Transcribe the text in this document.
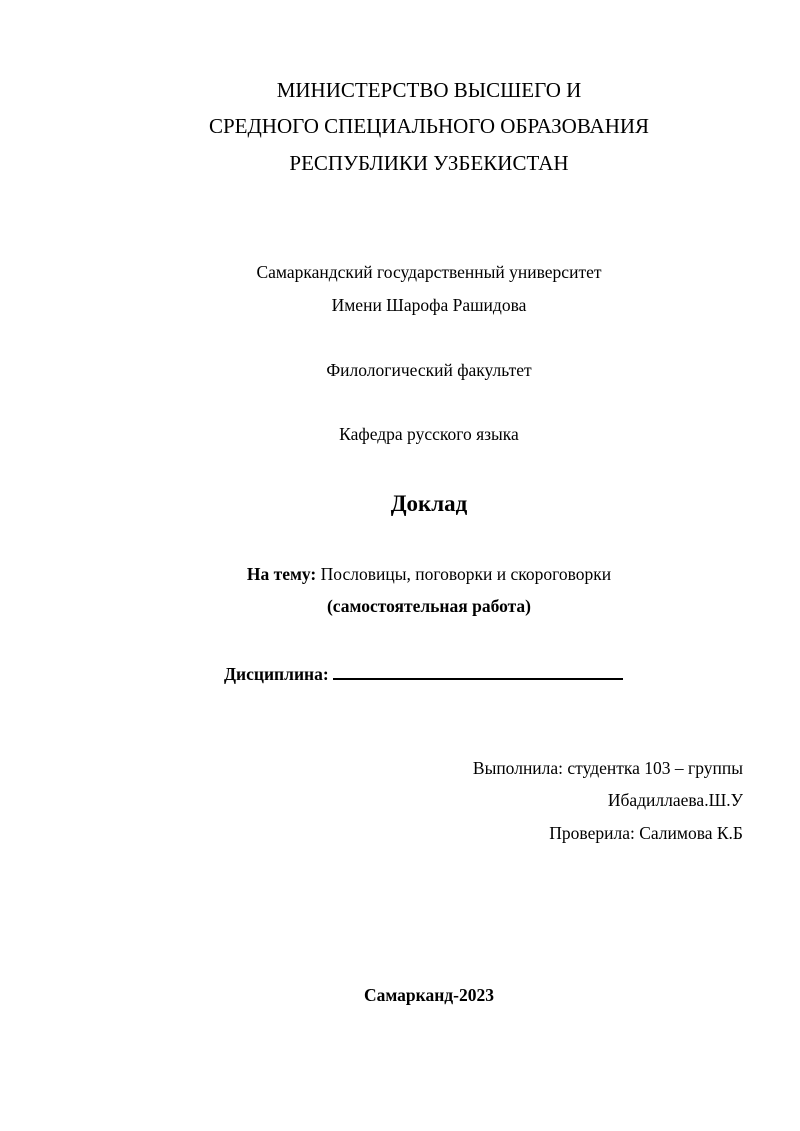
МИНИСТЕРСТВО ВЫСШЕГО И
СРЕДНОГО СПЕЦИАЛЬНОГО ОБРАЗОВАНИЯ
РЕСПУБЛИКИ УЗБЕКИСТАН
Самаркандский государственный университет
Имени Шарофа Рашидова
Филологический факультет
Кафедра русского языка
Доклад
На тему: Пословицы, поговорки и скороговорки
(самостоятельная работа)
Дисциплина:
Выполнила: студентка 103 – группы
Ибадиллаева.Ш.У
Проверила: Салимова К.Б
Самарканд-2023
